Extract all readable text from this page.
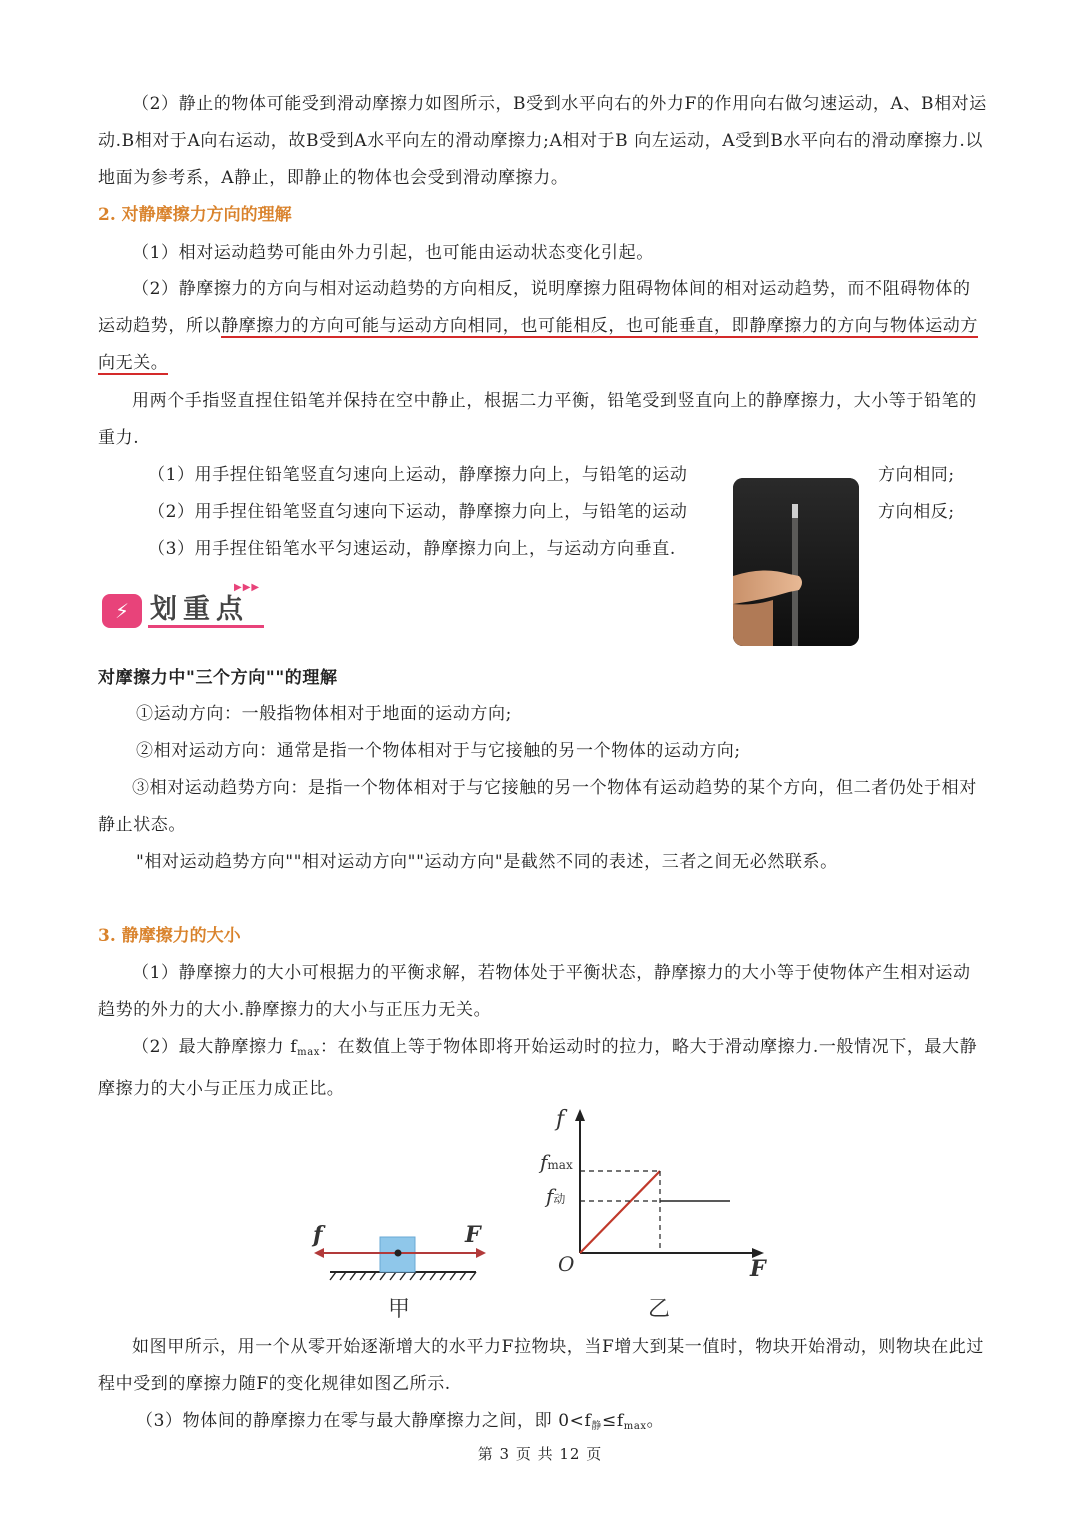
（2）静止的物体可能受到滑动摩擦力如图所示，B受到水平向右的外力F的作用向右做匀速运动，A、B相对运动.B相对于A向右运动，故B受到A水平向左的滑动摩擦力;A相对于B 向左运动，A受到B水平向右的滑动摩擦力.以地面为参考系，A静止，即静止的物体也会受到滑动摩擦力。
2. 对静摩擦力方向的理解
（1）相对运动趋势可能由外力引起，也可能由运动状态变化引起。
（2）静摩擦力的方向与相对运动趋势的方向相反，说明摩擦力阻碍物体间的相对运动趋势，而不阻碍物体的运动趋势，所以静摩擦力的方向可能与运动方向相同，也可能相反，也可能垂直，即静摩擦力的方向与物体运动方向无关。
用两个手指竖直捏住铅笔并保持在空中静止，根据二力平衡，铅笔受到竖直向上的静摩擦力，大小等于铅笔的重力.
（1）用手捏住铅笔竖直匀速向上运动，静摩擦力向上，与铅笔的运动	方向相同;
（2）用手捏住铅笔竖直匀速向下运动，静摩擦力向上，与铅笔的运动	方向相反;
（3）用手捏住铅笔水平匀速运动，静摩擦力向上，与运动方向垂直.
⚡ 划重点
▶▶▶
对摩擦力中"三个方向""的理解
①运动方向：一般指物体相对于地面的运动方向;
②相对运动方向：通常是指一个物体相对于与它接触的另一个物体的运动方向;
③相对运动趋势方向：是指一个物体相对于与它接触的另一个物体有运动趋势的某个方向，但二者仍处于相对静止状态。
"相对运动趋势方向""相对运动方向""运动方向"是截然不同的表述，三者之间无必然联系。
3. 静摩擦力的大小
（1）静摩擦力的大小可根据力的平衡求解，若物体处于平衡状态，静摩擦力的大小等于使物体产生相对运动趋势的外力的大小.静摩擦力的大小与正压力无关。
（2）最大静摩擦力 $f_{max}$：在数值上等于物体即将开始运动时的拉力，略大于滑动摩擦力.一般情况下，最大静摩擦力的大小与正压力成正比。
f	F
甲
f
F
O
fmax
f动
乙
如图甲所示，用一个从零开始逐渐增大的水平力F拉物块，当F增大到某一值时，物块开始滑动，则物块在此过程中受到的摩擦力随F的变化规律如图乙所示.
（3）物体间的静摩擦力在零与最大静摩擦力之间，即 $0<f_静\le f_{max}$。
第 3 页 共 12 页
